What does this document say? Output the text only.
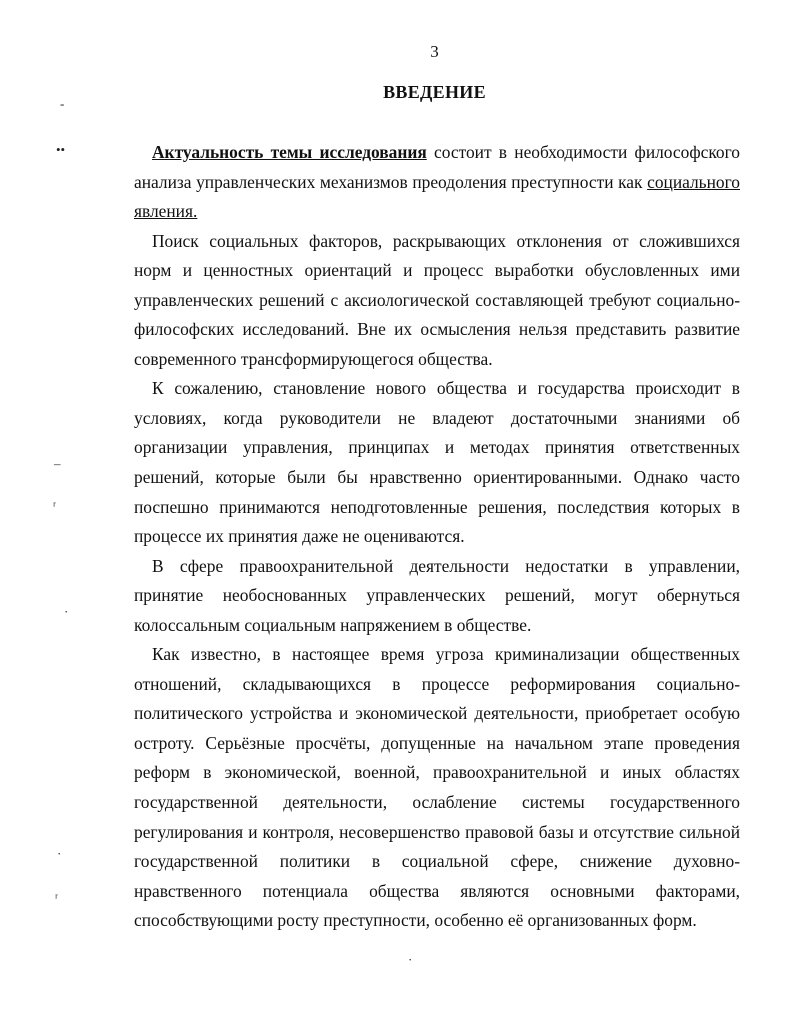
3
ВВЕДЕНИЕ

Актуальность темы исследования состоит в необходимости философского анализа управленческих механизмов преодоления преступности как социального явления.

Поиск социальных факторов, раскрывающих отклонения от сложившихся норм и ценностных ориентаций и процесс выработки обусловленных ими управленческих решений с аксиологической составляющей требуют социально-философских исследований. Вне их осмысления нельзя представить развитие современного трансформирующегося общества.

К сожалению, становление нового общества и государства происходит в условиях, когда руководители не владеют достаточными знаниями об организации управления, принципах и методах принятия ответственных решений, которые были бы нравственно ориентированными. Однако часто поспешно принимаются неподготовленные решения, последствия которых в процессе их принятия даже не оцениваются.

В сфере правоохранительной деятельности недостатки в управлении, принятие необоснованных управленческих решений, могут обернуться колоссальным социальным напряжением в обществе.

Как известно, в настоящее время угроза криминализации общественных отношений, складывающихся в процессе реформирования социально-политического устройства и экономической деятельности, приобретает особую остроту. Серьёзные просчёты, допущенные на начальном этапе проведения реформ в экономической, военной, правоохранительной и иных областях государственной деятельности, ослабление системы государственного регулирования и контроля, несовершенство правовой базы и отсутствие сильной государственной политики в социальной сфере, снижение духовно-нравственного потенциала общества являются основными факторами, способствующими росту преступности, особенно её организованных форм.

‐
••
–
ʳ
·
·
ʳ
·
